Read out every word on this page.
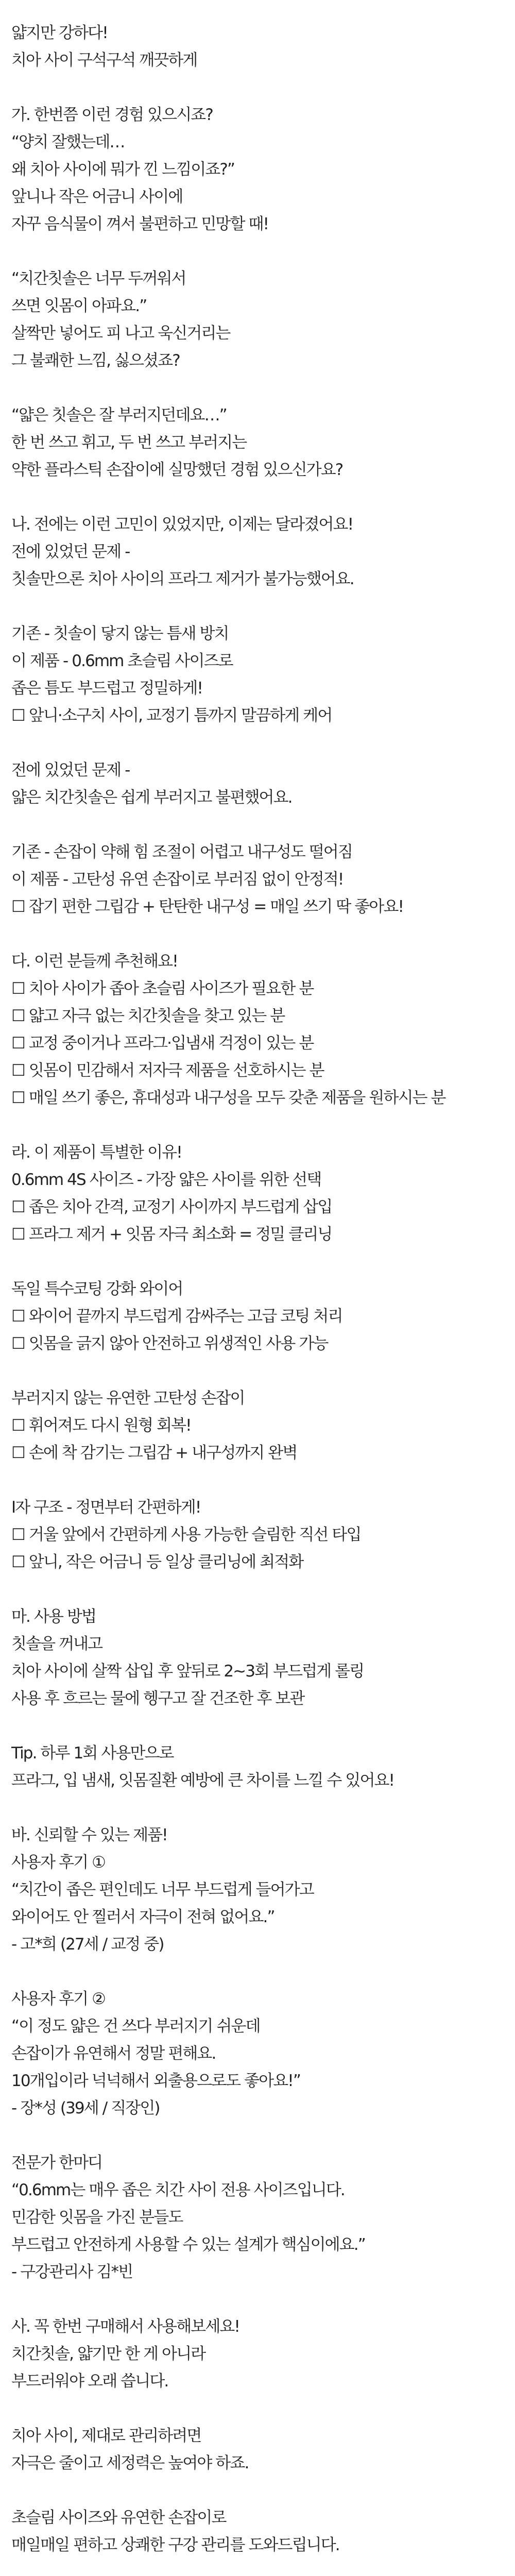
얇지만 강하다!
치아 사이 구석구석 깨끗하게
가. 한번쯤 이런 경험 있으시죠?
“양치 잘했는데…
왜 치아 사이에 뭐가 낀 느낌이죠?”
앞니나 작은 어금니 사이에
자꾸 음식물이 껴서 불편하고 민망할 때!
“치간칫솔은 너무 두꺼워서
쓰면 잇몸이 아파요.”
살짝만 넣어도 피 나고 욱신거리는
그 불쾌한 느낌, 싫으셨죠?
“얇은 칫솔은 잘 부러지던데요…”
한 번 쓰고 휘고, 두 번 쓰고 부러지는
약한 플라스틱 손잡이에 실망했던 경험 있으신가요?
나. 전에는 이런 고민이 있었지만, 이제는 달라졌어요!
전에 있었던 문제 -
칫솔만으론 치아 사이의 프라그 제거가 불가능했어요.
기존 - 칫솔이 닿지 않는 틈새 방치
이 제품 - 0.6mm 초슬림 사이즈로
좁은 틈도 부드럽고 정밀하게!
☐ 앞니·소구치 사이, 교정기 틈까지 말끔하게 케어
전에 있었던 문제 -
얇은 치간칫솔은 쉽게 부러지고 불편했어요.
기존 - 손잡이 약해 힘 조절이 어렵고 내구성도 떨어짐
이 제품 - 고탄성 유연 손잡이로 부러짐 없이 안정적!
☐ 잡기 편한 그립감 + 탄탄한 내구성 = 매일 쓰기 딱 좋아요!
다. 이런 분들께 추천해요!
☐ 치아 사이가 좁아 초슬림 사이즈가 필요한 분
☐ 얇고 자극 없는 치간칫솔을 찾고 있는 분
☐ 교정 중이거나 프라그·입냄새 걱정이 있는 분
☐ 잇몸이 민감해서 저자극 제품을 선호하시는 분
☐ 매일 쓰기 좋은, 휴대성과 내구성을 모두 갖춘 제품을 원하시는 분
라. 이 제품이 특별한 이유!
0.6mm 4S 사이즈 - 가장 얇은 사이를 위한 선택
☐ 좁은 치아 간격, 교정기 사이까지 부드럽게 삽입
☐ 프라그 제거 + 잇몸 자극 최소화 = 정밀 클리닝
독일 특수코팅 강화 와이어
☐ 와이어 끝까지 부드럽게 감싸주는 고급 코팅 처리
☐ 잇몸을 긁지 않아 안전하고 위생적인 사용 가능
부러지지 않는 유연한 고탄성 손잡이
☐ 휘어져도 다시 원형 회복!
☐ 손에 착 감기는 그립감 + 내구성까지 완벽
I자 구조 - 정면부터 간편하게!
☐ 거울 앞에서 간편하게 사용 가능한 슬림한 직선 타입
☐ 앞니, 작은 어금니 등 일상 클리닝에 최적화
마. 사용 방법
칫솔을 꺼내고
치아 사이에 살짝 삽입 후 앞뒤로 2~3회 부드럽게 롤링
사용 후 흐르는 물에 헹구고 잘 건조한 후 보관
Tip. 하루 1회 사용만으로
프라그, 입 냄새, 잇몸질환 예방에 큰 차이를 느낄 수 있어요!
바. 신뢰할 수 있는 제품!
사용자 후기 ①
“치간이 좁은 편인데도 너무 부드럽게 들어가고
와이어도 안 찔러서 자극이 전혀 없어요.”
- 고*희 (27세 / 교정 중)
사용자 후기 ②
“이 정도 얇은 건 쓰다 부러지기 쉬운데
손잡이가 유연해서 정말 편해요.
10개입이라 넉넉해서 외출용으로도 좋아요!”
- 장*성 (39세 / 직장인)
전문가 한마디
“0.6mm는 매우 좁은 치간 사이 전용 사이즈입니다.
민감한 잇몸을 가진 분들도
부드럽고 안전하게 사용할 수 있는 설계가 핵심이에요.”
- 구강관리사 김*빈
사. 꼭 한번 구매해서 사용해보세요!
치간칫솔, 얇기만 한 게 아니라
부드러워야 오래 씁니다.
치아 사이, 제대로 관리하려면
자극은 줄이고 세정력은 높여야 하죠.
초슬림 사이즈와 유연한 손잡이로
매일매일 편하고 상쾌한 구강 관리를 도와드립니다.
